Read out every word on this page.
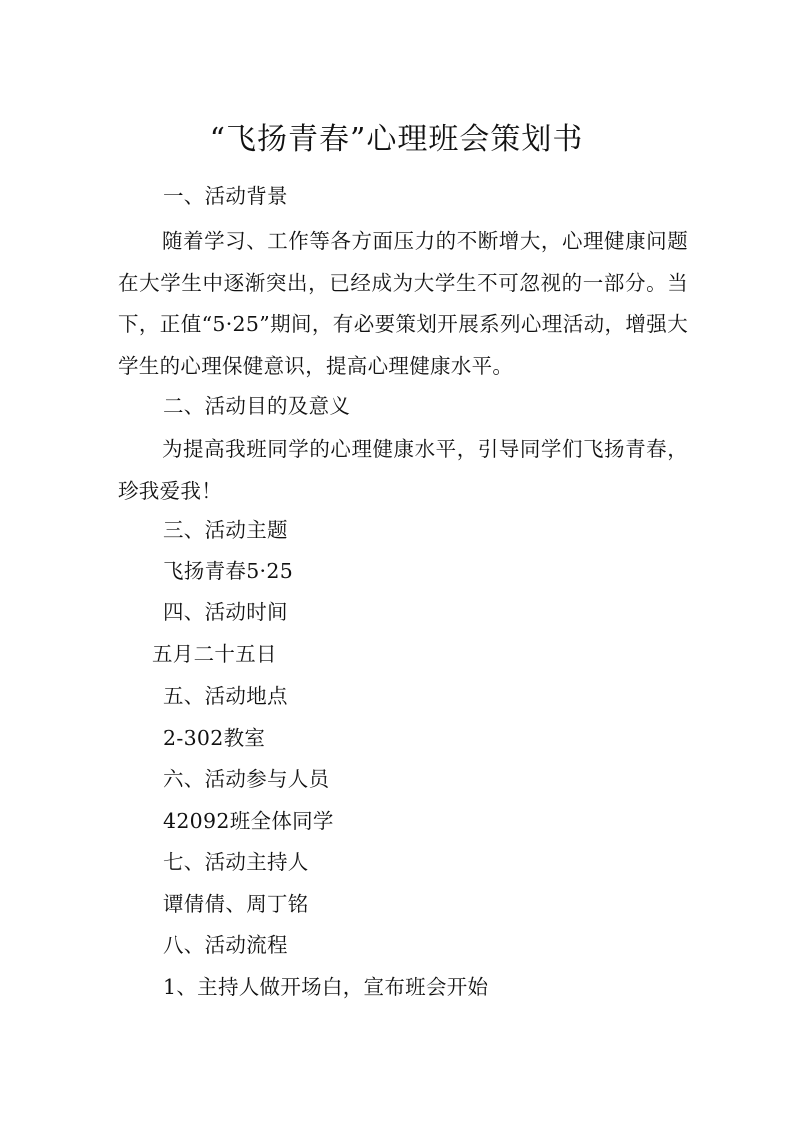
“飞扬青春”心理班会策划书
一、活动背景
随着学习、工作等各方面压力的不断增大，心理健康问题在大学生中逐渐突出，已经成为大学生不可忽视的一部分。当下，正值“5·25”期间，有必要策划开展系列心理活动，增强大学生的心理保健意识，提高心理健康水平。
二、活动目的及意义
为提高我班同学的心理健康水平，引导同学们飞扬青春，珍我爱我！
三、活动主题
飞扬青春5·25
四、活动时间
五月二十五日
五、活动地点
2-302教室
六、活动参与人员
42092班全体同学
七、活动主持人
谭倩倩、周丁铭
八、活动流程
1、主持人做开场白，宣布班会开始
